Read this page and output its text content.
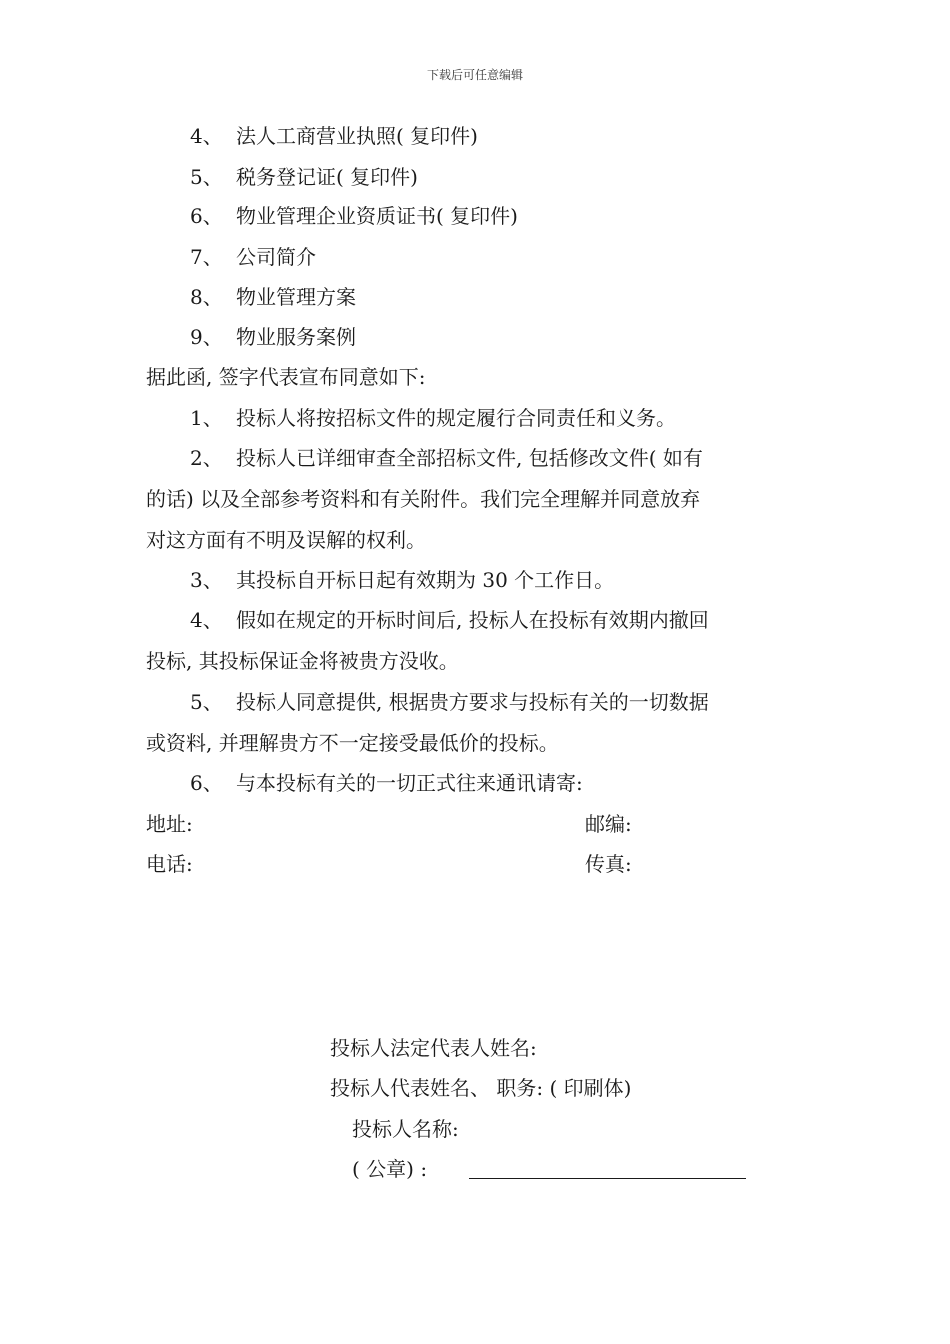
下载后可任意编辑
4、 法人工商营业执照( 复印件)
5、 税务登记证( 复印件)
6、 物业管理企业资质证书( 复印件)
7、 公司简介
8、 物业管理方案
9、 物业服务案例
据此函, 签字代表宣布同意如下:
1、 投标人将按招标文件的规定履行合同责任和义务。
2、 投标人已详细审查全部招标文件, 包括修改文件( 如有
的话) 以及全部参考资料和有关附件。我们完全理解并同意放弃
对这方面有不明及误解的权利。
3、 其投标自开标日起有效期为 30 个工作日。
4、 假如在规定的开标时间后, 投标人在投标有效期内撤回
投标, 其投标保证金将被贵方没收。
5、 投标人同意提供, 根据贵方要求与投标有关的一切数据
或资料, 并理解贵方不一定接受最低价的投标。
6、 与本投标有关的一切正式往来通讯请寄:
地址:	邮编:
电话:	传真:
投标人法定代表人姓名:
投标人代表姓名、 职务: ( 印刷体)
投标人名称:
( 公章) :
